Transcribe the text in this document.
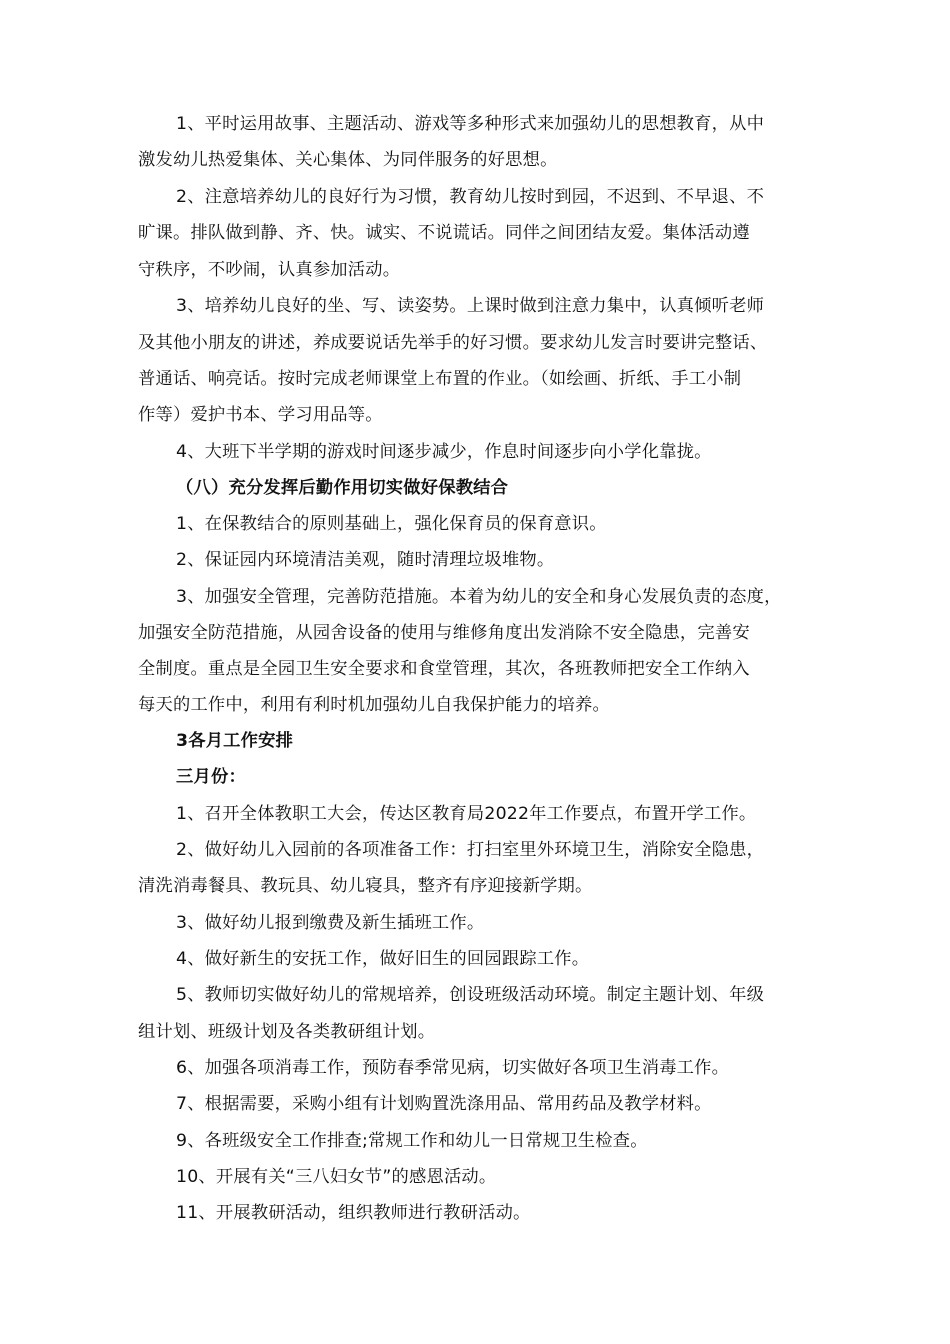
1、平时运用故事、主题活动、游戏等多种形式来加强幼儿的思想教育，从中
激发幼儿热爱集体、关心集体、为同伴服务的好思想。
2、注意培养幼儿的良好行为习惯，教育幼儿按时到园，不迟到、不早退、不
旷课。排队做到静、齐、快。诚实、不说谎话。同伴之间团结友爱。集体活动遵
守秩序，不吵闹，认真参加活动。
3、培养幼儿良好的坐、写、读姿势。上课时做到注意力集中，认真倾听老师
及其他小朋友的讲述，养成要说话先举手的好习惯。要求幼儿发言时要讲完整话、
普通话、响亮话。按时完成老师课堂上布置的作业。（如绘画、折纸、手工小制
作等）爱护书本、学习用品等。
4、大班下半学期的游戏时间逐步减少，作息时间逐步向小学化靠拢。
（八）充分发挥后勤作用切实做好保教结合
1、在保教结合的原则基础上，强化保育员的保育意识。
2、保证园内环境清洁美观，随时清理垃圾堆物。
3、加强安全管理，完善防范措施。本着为幼儿的安全和身心发展负责的态度，
加强安全防范措施，从园舍设备的使用与维修角度出发消除不安全隐患，完善安
全制度。重点是全园卫生安全要求和食堂管理，其次，各班教师把安全工作纳入
每天的工作中，利用有利时机加强幼儿自我保护能力的培养。
3各月工作安排
三月份：
1、召开全体教职工大会，传达区教育局2022年工作要点，布置开学工作。
2、做好幼儿入园前的各项准备工作：打扫室里外环境卫生，消除安全隐患，
清洗消毒餐具、教玩具、幼儿寝具，整齐有序迎接新学期。
3、做好幼儿报到缴费及新生插班工作。
4、做好新生的安抚工作，做好旧生的回园跟踪工作。
5、教师切实做好幼儿的常规培养，创设班级活动环境。制定主题计划、年级
组计划、班级计划及各类教研组计划。
6、加强各项消毒工作，预防春季常见病，切实做好各项卫生消毒工作。
7、根据需要，采购小组有计划购置洗涤用品、常用药品及教学材料。
9、各班级安全工作排查;常规工作和幼儿一日常规卫生检查。
10、开展有关“三八妇女节”的感恩活动。
11、开展教研活动，组织教师进行教研活动。
